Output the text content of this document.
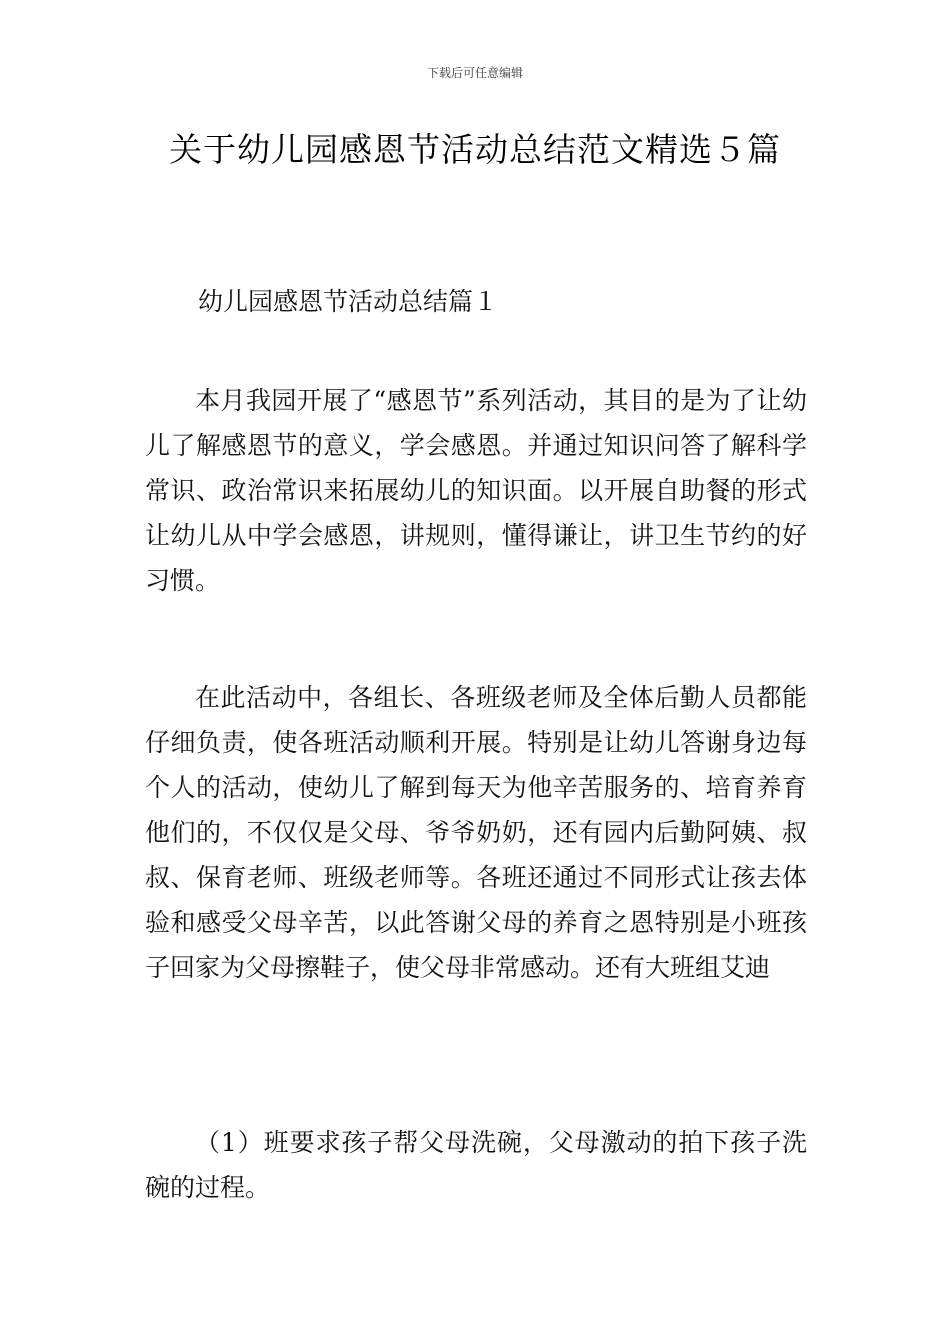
下载后可任意编辑
关于幼儿园感恩节活动总结范文精选５篇
幼儿园感恩节活动总结篇１

本月我园开展了“感恩节”系列活动，其目的是为了让幼儿了解感恩节的意义，学会感恩。并通过知识问答了解科学常识、政治常识来拓展幼儿的知识面。以开展自助餐的形式让幼儿从中学会感恩，讲规则，懂得谦让，讲卫生节约的好习惯。

在此活动中，各组长、各班级老师及全体后勤人员都能仔细负责，使各班活动顺利开展。特别是让幼儿答谢身边每个人的活动，使幼儿了解到每天为他辛苦服务的、培育养育他们的，不仅仅是父母、爷爷奶奶，还有园内后勤阿姨、叔叔、保育老师、班级老师等。各班还通过不同形式让孩去体验和感受父母辛苦，以此答谢父母的养育之恩特别是小班孩子回家为父母擦鞋子，使父母非常感动。还有大班组艾迪

（1）班要求孩子帮父母洗碗，父母激动的拍下孩子洗碗的过程。
